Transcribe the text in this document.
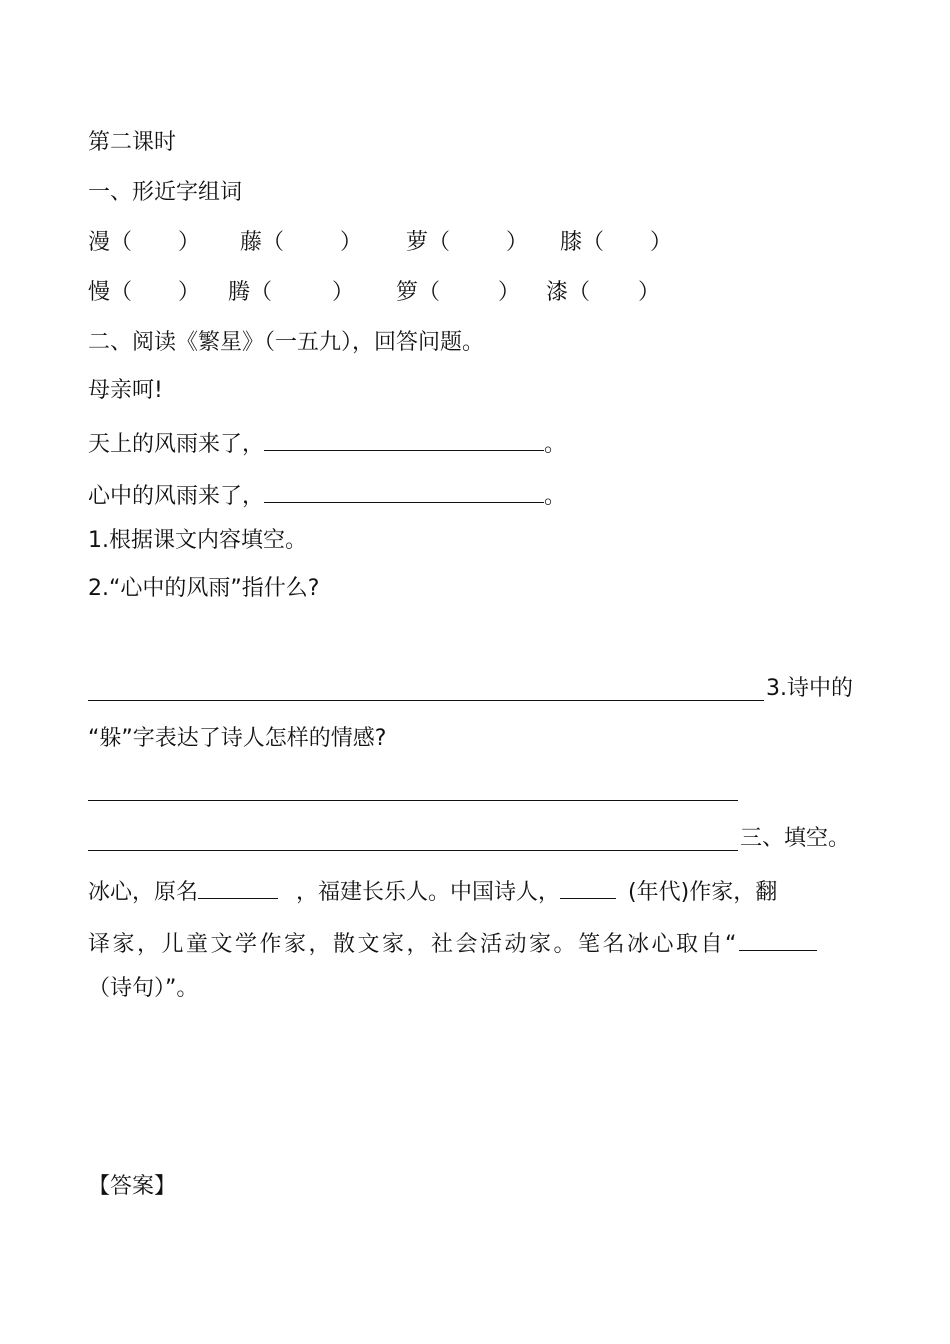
第二课时
一、形近字组词
漫（ ） 藤（	） 萝（	） 膝（ ）
慢（ ） 腾（	） 箩（	） 漆（ ）
二、阅读《繁星》（一五九），回答问题。
母亲呵!
天上的风雨来了，	。
心中的风雨来了，	。
1.根据课文内容填空。
2.“心中的风雨”指什么?
3.诗中的
“躲”字表达了诗人怎样的情感?
三、填空。
冰心，原名	，福建长乐人。中国诗人，	(年代)作家，翻
译家，儿童文学作家，散文家，社会活动家。笔名冰心取自“
（诗句）”。
【答案】
